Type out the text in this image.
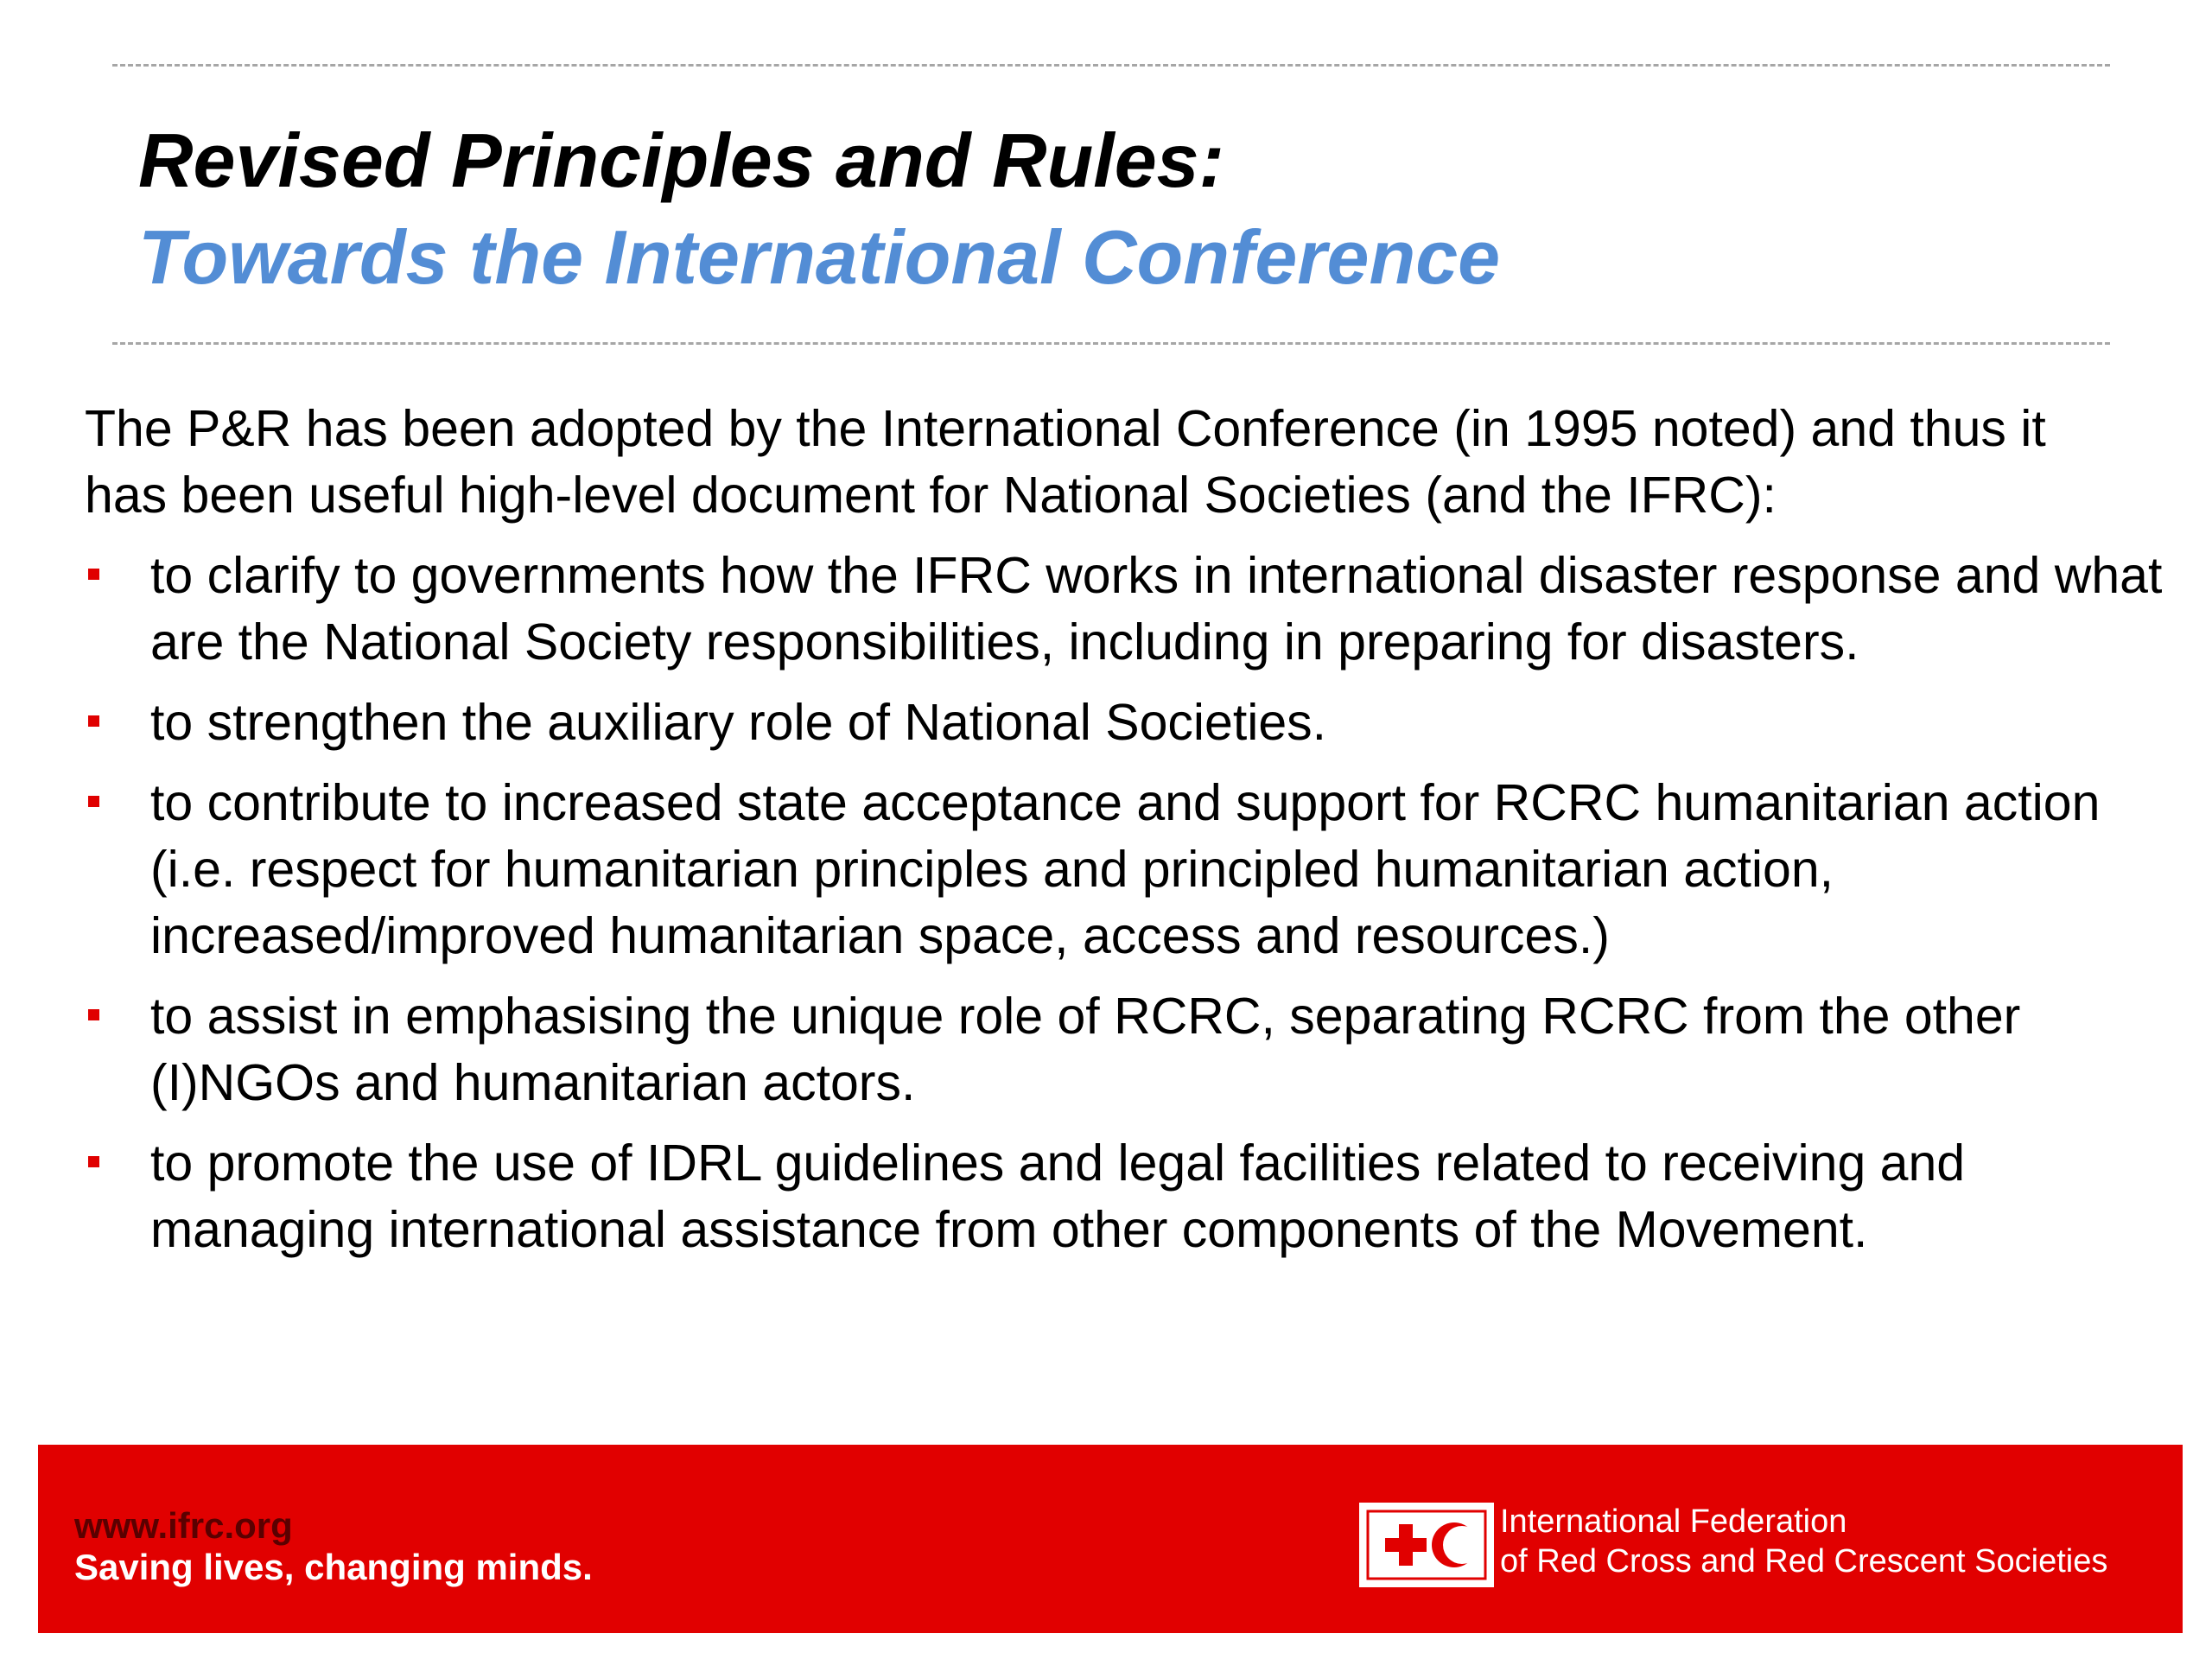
Revised Principles and Rules:
Towards the International Conference
The P&R has been adopted by the International Conference (in 1995 noted) and thus it has been useful high-level document for National Societies (and the IFRC):
to clarify to governments how the IFRC works in international disaster response and what are the National Society responsibilities, including in preparing for disasters.
to strengthen the auxiliary role of National Societies.
to contribute to increased state acceptance and support for RCRC humanitarian action (i.e. respect for humanitarian principles and principled humanitarian action, increased/improved humanitarian space, access and resources.)
to assist in emphasising the unique role of RCRC, separating RCRC from the other (I)NGOs and humanitarian actors.
to promote the use of IDRL guidelines and legal facilities related to receiving and managing international assistance from other components of the Movement.
www.ifrc.org
Saving lives, changing minds.
International Federation
of Red Cross and Red Crescent Societies
